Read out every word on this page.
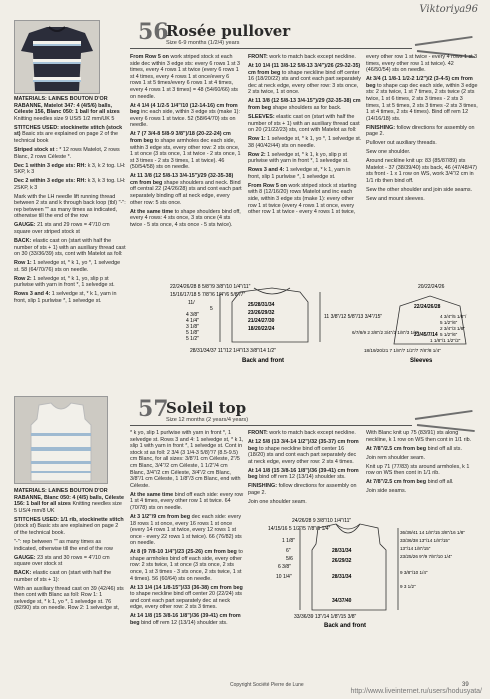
Viktoriya96
56
Rosée pullover
Size 6-9 months (1/2/4) years

MATERIALS: LAINES BOUTON D'OR RABANNE, Matelot 347: 4 (4/5/6) balls, Céleste 156, Blanc 050: 1 ball for all sizes Knitting needles size 9 US/5 1/2 mm/UK 5

STITCHES USED: stockinette stitch (stock st) Basic sts are explained on page 2 of the technical book

Striped stock st : * 12 rows Matelot, 2 rows Blanc, 2 rows Céleste *.

Dec 1 within 3 edge sts: RH: k 3, k 2 tog. LH: SKP, k 3

Dec 2 within 3 edge sts: RH: k 3, k 3 tog. LH: 2SKP, k 3

Mark with the LH needle lift running thread between 2 sts and k through back loop (tbl) "-": rep between "" as many times as indicated, otherwise till the end of the row

GAUGE: 21 sts and 29 rows = 4"/10 cm square over striped stock st

BACK: elastic cast on (start with half the number of sts + 1) with an auxiliary thread cast on 30 (33/36/39) sts, cont with Matelot as foll:

Row 1: 1 selvedge st, * k 1, yo *, 1 selvedge st. 58 (64/70/76) sts on needle.

Row 2: 1 selvedge st, * k 1, yo, slip p st purlwise with yarn in front *, 1 selvedge st.

Rows 3 and 4: 1 selvedge st, * k 1, yarn in front, slip 1 purlwise *, 1 selvedge st.

From Row 5 on work striped stock st each side dec within 3 edge sts: every 6 rows 1 st 3 times, every 4 rows 1 st twice (every 6 rows 1 st 4 times, every 4 rows 1 st once/every 6 rows 1 st 5 times/every 6 rows 1 st 4 times, every 4 rows 1 st 3 times) = 48 (54/60/66) sts on needle.

At 4 1/4 (4 1/2-5 1/4"/10 (12-14-16) cm from beg inc each side, within 3 edge sts (make 1): every 6 rows 1 st twice. 52 (58/64/70) sts on needle.

At 7 (7 3/4-8 5/8-9 3/8")/18 (20-22-24) cm from beg to shape armholes dec each side, within 3 edge sts, every other row: 2 sts once, 1 st once (3 sts once, 1 st twice - 2 sts once, 1 st 3 times - 2 sts 3 times, 1 st twice). 46 (50/54/58) sts on needle.

At 11 3/8 (12 5/8-13 3/4-15")/29 (32-35-38) cm from beg shape shoulders and neck. Bind off central 22 (24/26/28) sts and cont each part separately binding off at neck edge, every other row: 5 sts once.

At the same time to shape shoulders bind off, every 4 rows: 4 sts once, 3 sts once (4 sts twice - 5 sts once, 4 sts once - 5 sts twice).

FRONT: work to match back except neckline.

At 10 1/4 (11 3/8-12 5/8-13 3/4")/26 (29-32-35) cm from beg to shape neckline bind off center 16 (18/20/22) sts and cont each part separately dec at neck edge, every other row: 3 sts once, 2 sts twice, 1 st once.

At 11 3/8 (12 5/8-13 3/4-15")/29 (32-35-38) cm from beg shape shoulders as for back.

SLEEVES: elastic cast on (start with half the number of sts + 1) with an auxiliary thread cast on 20 (21/22/23) sts, cont with Matelot as foll:

Row 1: 1 selvedge st, * k 1, yo *, 1 selvedge st. 38 (40/42/44) sts on needle.

Row 2: 1 selvedge st, * k 1, k yo, slip p st purlwise with yarn in front *, 1 selvedge st.

Rows 3 and 4: 1 selvedge st, * k 1, yarn in front, slip 1 purlwise *, 1 selvedge st.

From Row 5 on work striped stock st starting with 8 (12/16/20) rows Matelot and inc each side, within 3 edge sts (make 1): every other row 1 st twice (every 4 rows 1 st once, every other row 1 st twice - every 4 rows 1 st twice,

every other row 1 st twice - every 4 rows 1 st 3 times, every other row 1 st twice). 42 (46/50/54) sts on needle.

At 3/4 (1 1/8-1 1/2-2 1/2")/2 (3-4-5) cm from beg to shape cap dec each side, within 3 edge sts: 2 sts twice, 1 st 7 times, 2 sts twice (2 sts twice, 1 st 6 times, 2 sts 3 times - 2 sts 3 times, 1 st 5 times, 2 sts 3 times -2 sts 3 times, 1 st 4 times, 2 sts 4 times). Bind off rem 12 (14/16/18) sts.

FINISHING: follow directions for assembly on page 2.

Pullover out auxiliary threads.

Sew one shoulder.

Around neckline knit up: 83 (85/87/89) sts Matelot - 37 (38/39/40) sts back, 46 (47/48/47) sts front - 1 x 1 row on WS, work 3/4"/2 cm in 1/1 rib then bind off.

Sew the other shoulder and join side seams.

Sew and mount sleeves.

22/24/26/28 8 5/8"/9 3/8"/10 1/4"/11"
15/16/17/18 5 7/8"/6 1/4"/6 5/8"/7"
25/28/31/34
23/26/29/32
21/24/27/30
18/20/22/24
11/
5
4 3/8"
4 1/4"
3 1/8"
5 1/8"
5 1/2"
11 3/8"/12 5/8"/13 3/4"/15"
28/31/34/37 11"/12 1/4"/13 3/8"/14 1/2"
Back and front
20/22/24/26
22/24/26/28
23/45/7/14
4 3/4"/5 1/8"/
5 1/2"/6"
2 3/4"/3 1/8"
5 1/2"/6"
1 1/8"/1 1/2"/2"
6/7/8/9 2 3/8"/2 3/4"/3 1/8"/3 1/2"
18/19/20/21 7 1/8"/7 1/2"/7 7/8"/8 1/4"
Sleeves
57
Soleil top
Size 12 months (2 years/4 years)

MATERIALS: LAINES BOUTON D'OR RABANNE, Blanc 050: 4 (4/5) balls, Céleste 156: 1 ball for all sizes Knitting needles size 5 US/4 mm/8 UK

STITCHES USED: 1/1 rib, stockinette stitch (stock st) Basic sts are explained on page 2 of the technical book.

"-": rep between "" as many times as indicated, otherwise till the end of the row

GAUGE: 23 sts and 30 rows = 4"/10 cm square over stock st

BACK: elastic cast on (start with half the number of sts + 1):

With an auxiliary thread cast on 39 (42/46) sts then cont with Blanc as foll: Row 1: 1 selvedge st, * k 1, yo *, 1 selvedge st. 76 (82/90) sts on needle. Row 2: 1 selvedge st,

* k yo, slip 1 purlwise with yarn in front *, 1 selvedge st. Rows 3 and 4: 1 selvedge st, * k 1, slip 1 with yarn in front *, 1 selvedge st. Cont in stock st as foll: 2 3/4 (3 1/4-3 5/8)"/7 (8.5-9.5) cm Blanc, for all sizes: 3/8"/1 cm Céleste, 2"/5 cm Blanc, 3/4"/2 cm Céleste, 1 1/2"/4 cm Blanc, 3/4"/2 cm Céleste, 3/4"/2 cm Blanc, 3/8"/1 cm Céleste, 1 1/8"/3 cm Blanc, end with Céleste.

At the same time bind off each side: every row 1 st 4 times, every other row 1 st twice. 64 (70/78) sts on needle.

At 3 1/2"/9 cm from beg dec each side: every 18 rows 1 st once, every 16 rows 1 st once (every 14 rows 1 st twice, every 12 rows 1 st once - every 22 rows 1 st twice). 66 (76/82) sts on needle.

At 8 (9 7/8-10 1/4")/23 (25-26) cm from beg to shape armholes bind off each side, every other row: 2 sts twice, 1 st once (3 sts once, 2 sts once, 1 st 3 times - 3 sts once, 2 sts twice, 1 st 4 times). 56 (60/64) sts on needle.

At 13 1/4 (14 1/8-15")/33 (36-38) cm from beg to shape neckline bind off center 20 (22/24) sts and cont each part separately dec at neck edge, every other row: 2 sts 3 times.

At 14 1/8 (15 3/8-16 1/8")/36 (39-41) cm from beg bind off rem 12 (13/14) shoulder sts.

FRONT: work to match back except neckline.

At 12 5/8 (13 3/4-14 1/2")/32 (35-37) cm from beg to shape neckline bind off center 16 (18/20) sts and cont each part separately dec at neck edge, every other row: 2 sts 4 times.

At 14 1/8 (15 3/8-16 1/8")/36 (39-41) cm from beg bind off rem 12 (13/14) shoulder sts.

FINISHING: follow directions for assembly on page 2.

Join one shoulder seam.

With Blanc knit up 75 (83/91) sts along neckline, k 1 row on WS then cont in 1/1 rib.

At 7/8"/2.5 cm from beg bind off all sts.

Join rem shoulder seam.

Knit up 71 (77/83) sts around armholes, k 1 row on WS then cont in 1/1 rib.

At 7/8"/2.5 cm from beg bind off all.

Join side seams.

24/26/28 9 3/8"/10 1/4"/11"
14/15/16 5 1/2"/5 7/8"/6 1/4"
1 1/8"
6"
5/6
6 3/8"
10 1/4"
28/31/34
26/29/32
28/31/34
34/37/40
36/39/41 14 1/8"/15 3/8"/16 1/8"
33/36/38 13"/14 1/8"/15"
13"/14 1/8"/15"
23/25/26 9"/9 7/8"/10 1/4"
9 3/8"/10 1/4"
9 3 1/2"
33/36/39 13"/14 1/8"/15 3/8"
Back and front
Copyright Société Pierre de Lune	39
http://www.liveinternet.ru/users/hodusyata/
